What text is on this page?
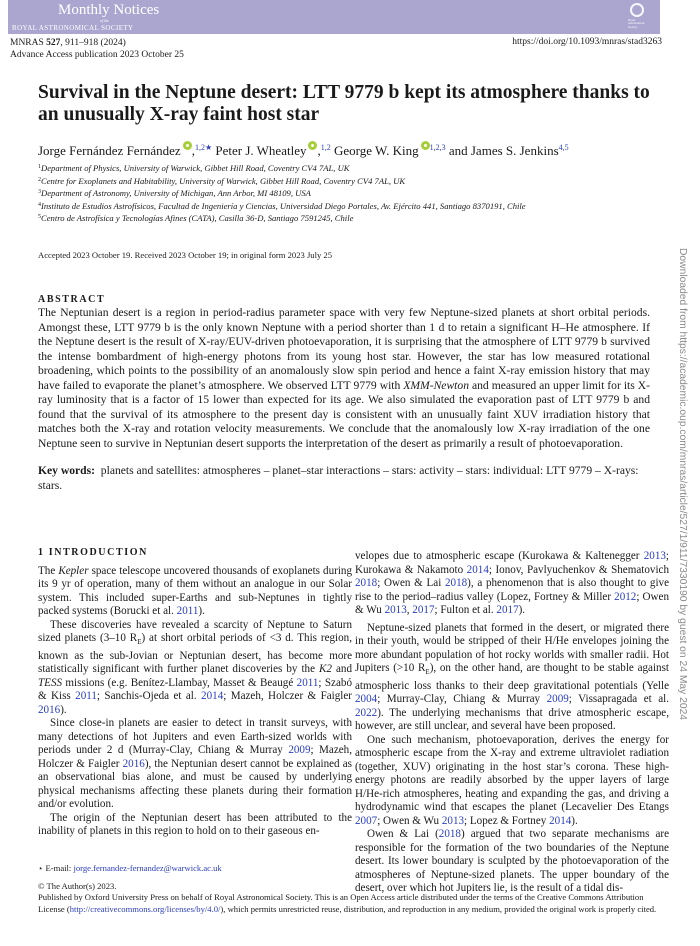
Monthly Notices
of the
ROYAL ASTRONOMICAL SOCIETY
Royal Astronomical Society
MNRAS 527, 911–918 (2024)
Advance Access publication 2023 October 25
https://doi.org/10.1093/mnras/stad3263
Survival in the Neptune desert: LTT 9779 b kept its atmosphere thanks to an unusually X-ray faint host star
Jorge Fernández Fernández ,$^{1,2★}$ Peter J. Wheatley ,$^{1,2}$ George W. King $^{1,2,3}$ and James S. Jenkins$^{4,5}$
$^1$Department of Physics, University of Warwick, Gibbet Hill Road, Coventry CV4 7AL, UK
$^2$Centre for Exoplanets and Habitability, University of Warwick, Gibbet Hill Road, Coventry CV4 7AL, UK
$^3$Department of Astronomy, University of Michigan, Ann Arbor, MI 48109, USA
$^4$Instituto de Estudios Astrofísicos, Facultad de Ingeniería y Ciencias, Universidad Diego Portales, Av. Ejército 441, Santiago 8370191, Chile
$^5$Centro de Astrofísica y Tecnologías Afines (CATA), Casilla 36-D, Santiago 7591245, Chile
Accepted 2023 October 19. Received 2023 October 19; in original form 2023 July 25
ABSTRACT

The Neptunian desert is a region in period-radius parameter space with very few Neptune-sized planets at short orbital periods. Amongst these, LTT 9779 b is the only known Neptune with a period shorter than 1 d to retain a significant H–He atmosphere. If the Neptune desert is the result of X-ray/EUV-driven photoevaporation, it is surprising that the atmosphere of LTT 9779 b survived the intense bombardment of high-energy photons from its young host star. However, the star has low measured rotational broadening, which points to the possibility of an anomalously slow spin period and hence a faint X-ray emission history that may have failed to evaporate the planet’s atmosphere. We observed LTT 9779 with XMM-Newton and measured an upper limit for its X-ray luminosity that is a factor of 15 lower than expected for its age. We also simulated the evaporation past of LTT 9779 b and found that the survival of its atmosphere to the present day is consistent with an unusually faint XUV irradiation history that matches both the X-ray and rotation velocity measurements. We conclude that the anomalously low X-ray irradiation of the one Neptune seen to survive in Neptunian desert supports the interpretation of the desert as primarily a result of photoevaporation.

Key words: planets and satellites: atmospheres – planet–star interactions – stars: activity – stars: individual: LTT 9779 – X-rays: stars.
1 INTRODUCTION

The Kepler space telescope uncovered thousands of exoplanets during its 9 yr of operation, many of them without an analogue in our Solar system. This included super-Earths and sub-Neptunes in tightly packed systems (Borucki et al. 2011).

These discoveries have revealed a scarcity of Neptune to Saturn sized planets (3–10 $R_E$) at short orbital periods of <3 d. This region, known as the sub-Jovian or Neptunian desert, has become more statistically significant with further planet discoveries by the K2 and TESS missions (e.g. Benítez-Llambay, Masset & Beaugé 2011; Szabó & Kiss 2011; Sanchis-Ojeda et al. 2014; Mazeh, Holczer & Faigler 2016).

Since close-in planets are easier to detect in transit surveys, with many detections of hot Jupiters and even Earth-sized worlds with periods under 2 d (Murray-Clay, Chiang & Murray 2009; Mazeh, Holczer & Faigler 2016), the Neptunian desert cannot be explained as an observational bias alone, and must be caused by underlying physical mechanisms affecting these planets during their formation and/or evolution.

The origin of the Neptunian desert has been attributed to the inability of planets in this region to hold on to their gaseous en-

velopes due to atmospheric escape (Kurokawa & Kaltenegger 2013; Kurokawa & Nakamoto 2014; Ionov, Pavlyuchenkov & Shematovich 2018; Owen & Lai 2018), a phenomenon that is also thought to give rise to the period–radius valley (Lopez, Fortney & Miller 2012; Owen & Wu 2013, 2017; Fulton et al. 2017).

Neptune-sized planets that formed in the desert, or migrated there in their youth, would be stripped of their H/He envelopes joining the more abundant population of hot rocky worlds with smaller radii. Hot Jupiters (>10 $R_E$), on the other hand, are thought to be stable against atmospheric loss thanks to their deep gravitational potentials (Yelle 2004; Murray-Clay, Chiang & Murray 2009; Vissapragada et al. 2022). The underlying mechanisms that drive atmospheric escape, however, are still unclear, and several have been proposed.

One such mechanism, photoevaporation, derives the energy for atmospheric escape from the X-ray and extreme ultraviolet radiation (together, XUV) originating in the host star’s corona. These high-energy photons are readily absorbed by the upper layers of large H/He-rich atmospheres, heating and expanding the gas, and driving a hydrodynamic wind that escapes the planet (Lecavelier Des Etangs 2007; Owen & Wu 2013; Lopez & Fortney 2014).

Owen & Lai (2018) argued that two separate mechanisms are responsible for the formation of the two boundaries of the Neptune desert. Its lower boundary is sculpted by the photoevaporation of the atmospheres of Neptune-sized planets. The upper boundary of the desert, over which hot Jupiters lie, is the result of a tidal dis-

⋆ E-mail: jorge.fernandez-fernandez@warwick.ac.uk
© The Author(s) 2023.
Published by Oxford University Press on behalf of Royal Astronomical Society. This is an Open Access article distributed under the terms of the Creative Commons Attribution License (http://creativecommons.org/licenses/by/4.0/), which permits unrestricted reuse, distribution, and reproduction in any medium, provided the original work is properly cited.
Downloaded from https://academic.oup.com/mnras/article/527/1/911/7330190 by guest on 24 May 2024
